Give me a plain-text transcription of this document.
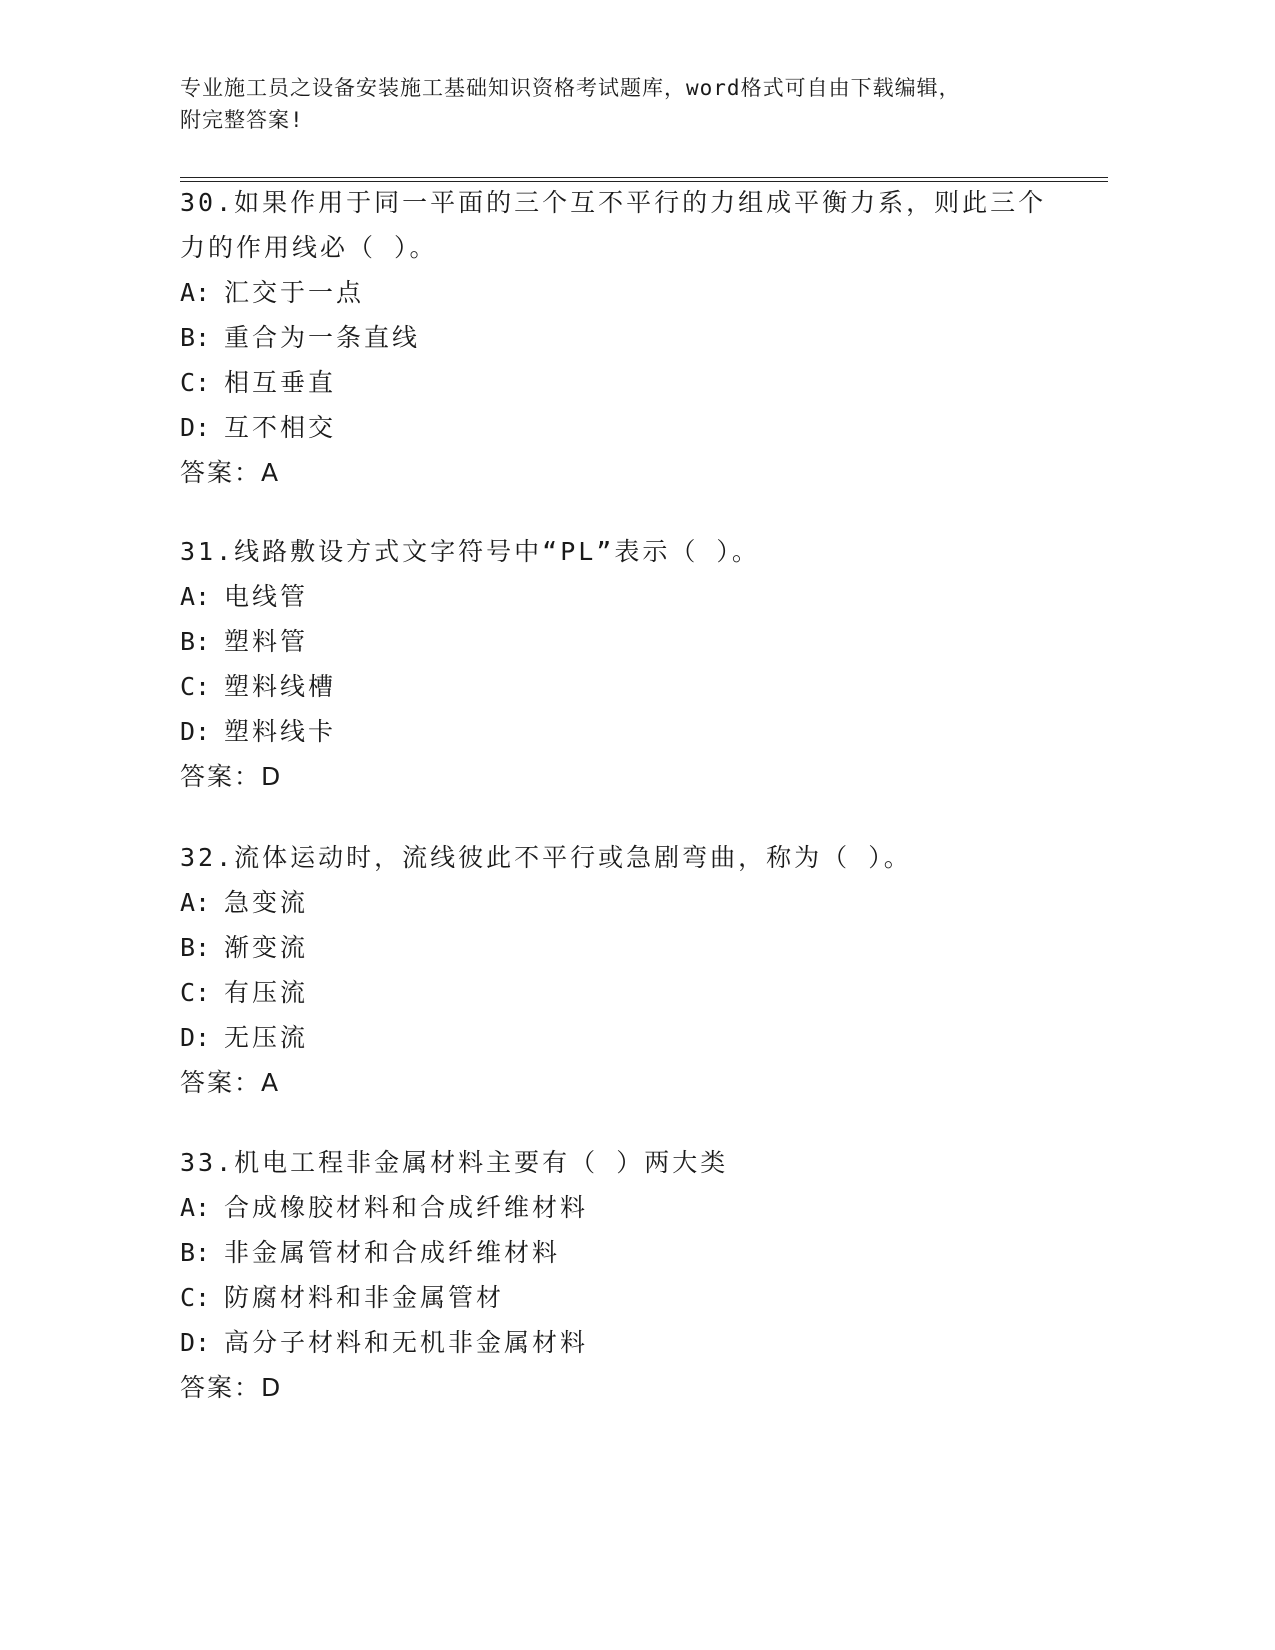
专业施工员之设备安装施工基础知识资格考试题库，word格式可自由下载编辑，
附完整答案!
30.如果作用于同一平面的三个互不平行的力组成平衡力系，则此三个
力的作用线必（ ）。
A: 汇交于一点
B: 重合为一条直线
C: 相互垂直
D: 互不相交
答案：A
31.线路敷设方式文字符号中“PL”表示（ ）。
A: 电线管
B: 塑料管
C: 塑料线槽
D: 塑料线卡
答案：D
32.流体运动时，流线彼此不平行或急剧弯曲，称为（ ）。
A: 急变流
B: 渐变流
C: 有压流
D: 无压流
答案：A
33.机电工程非金属材料主要有（ ）两大类
A: 合成橡胶材料和合成纤维材料
B: 非金属管材和合成纤维材料
C: 防腐材料和非金属管材
D: 高分子材料和无机非金属材料
答案：D
